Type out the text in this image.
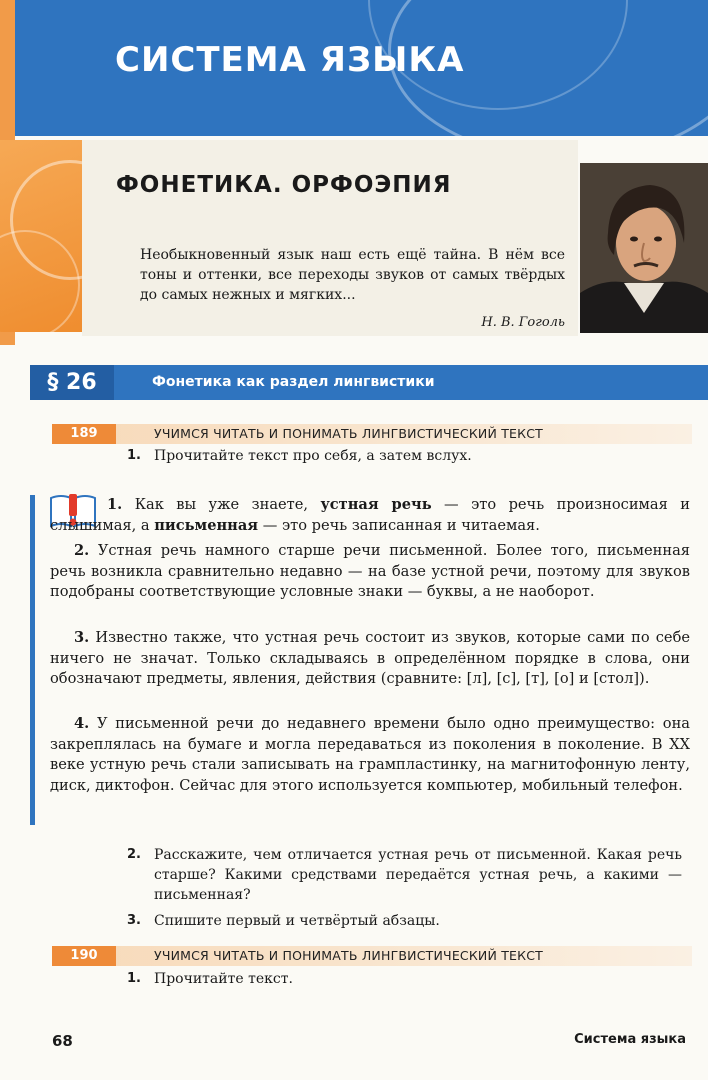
СИСТЕМА ЯЗЫКА
ФОНЕТИКА. ОРФОЭПИЯ
Необыкновенный язык наш есть ещё тайна. В нём все тоны и оттенки, все переходы звуков от самых твёрдых до самых нежных и мягких...
Н. В. Гоголь
§ 26	Фонетика как раздел лингвистики
189	УЧИМСЯ ЧИТАТЬ И ПОНИМАТЬ ЛИНГВИСТИЧЕСКИЙ ТЕКСТ
1. Прочитайте текст про себя, а затем вслух.
1. Как вы уже знаете, устная речь — это речь произносимая и слышимая, а письменная — это речь записанная и читаемая.
2. Устная речь намного старше речи письменной. Более того, письменная речь возникла сравнительно недавно — на базе устной речи, поэтому для звуков подобраны соответствующие условные знаки — буквы, а не наоборот.
3. Известно также, что устная речь состоит из звуков, которые сами по себе ничего не значат. Только складываясь в определённом порядке в слова, они обозначают предметы, явления, действия (сравните: [л], [с], [т], [о] и [стол]).
4. У письменной речи до недавнего времени было одно преимущество: она закреплялась на бумаге и могла передаваться из поколения в поколение. В XX веке устную речь стали записывать на грампластинку, на магнитофонную ленту, диск, диктофон. Сейчас для этого используется компьютер, мобильный телефон.
2. Расскажите, чем отличается устная речь от письменной. Какая речь старше? Какими средствами передаётся устная речь, а какими — письменная?
3. Спишите первый и четвёртый абзацы.
190	УЧИМСЯ ЧИТАТЬ И ПОНИМАТЬ ЛИНГВИСТИЧЕСКИЙ ТЕКСТ
1. Прочитайте текст.
68	Система языка
